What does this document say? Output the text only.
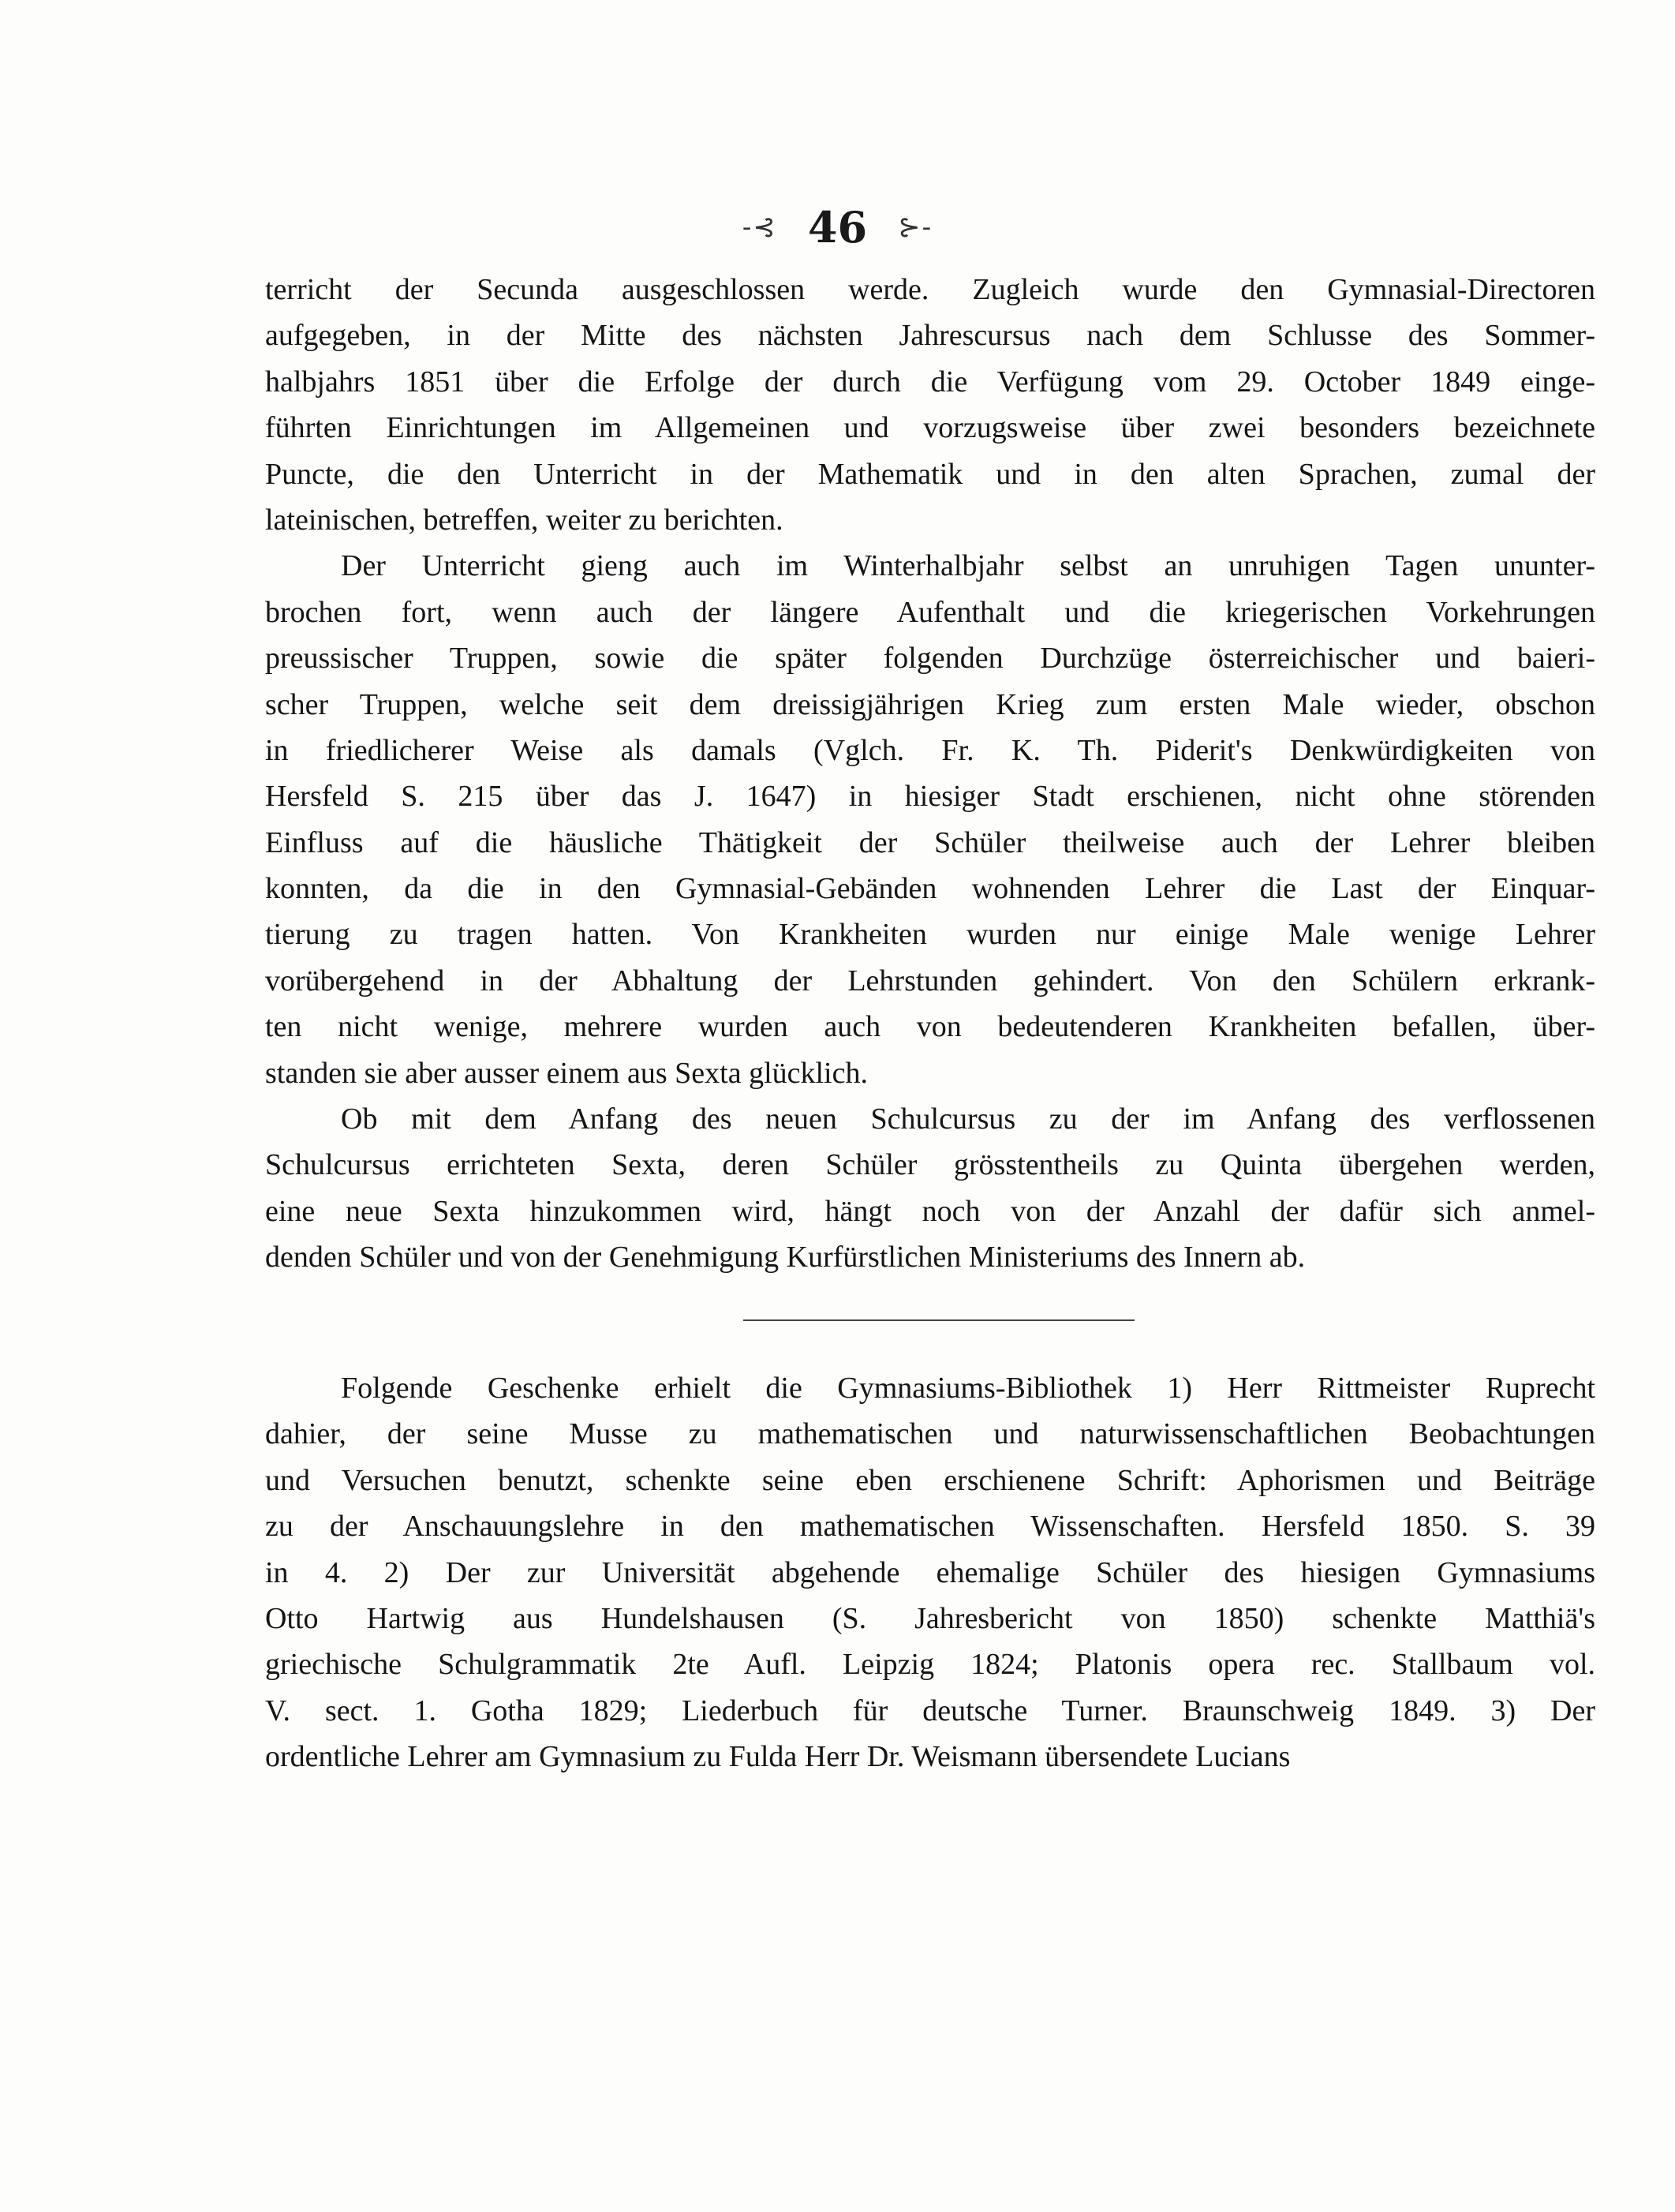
-⊰ 46 ⊱-
terricht der Secunda ausgeschlossen werde. Zugleich wurde den Gymnasial-Directoren
aufgegeben, in der Mitte des nächsten Jahrescursus nach dem Schlusse des Sommer-
halbjahrs 1851 über die Erfolge der durch die Verfügung vom 29. October 1849 einge-
führten Einrichtungen im Allgemeinen und vorzugsweise über zwei besonders bezeichnete
Puncte, die den Unterricht in der Mathematik und in den alten Sprachen, zumal der
lateinischen, betreffen, weiter zu berichten.
Der Unterricht gieng auch im Winterhalbjahr selbst an unruhigen Tagen ununter-
brochen fort, wenn auch der längere Aufenthalt und die kriegerischen Vorkehrungen
preussischer Truppen, sowie die später folgenden Durchzüge österreichischer und baieri-
scher Truppen, welche seit dem dreissigjährigen Krieg zum ersten Male wieder, obschon
in friedlicherer Weise als damals (Vglch. Fr. K. Th. Piderit's Denkwürdigkeiten von
Hersfeld S. 215 über das J. 1647) in hiesiger Stadt erschienen, nicht ohne störenden
Einfluss auf die häusliche Thätigkeit der Schüler theilweise auch der Lehrer bleiben
konnten, da die in den Gymnasial-Gebänden wohnenden Lehrer die Last der Einquar-
tierung zu tragen hatten. Von Krankheiten wurden nur einige Male wenige Lehrer
vorübergehend in der Abhaltung der Lehrstunden gehindert. Von den Schülern erkrank-
ten nicht wenige, mehrere wurden auch von bedeutenderen Krankheiten befallen, über-
standen sie aber ausser einem aus Sexta glücklich.
Ob mit dem Anfang des neuen Schulcursus zu der im Anfang des verflossenen
Schulcursus errichteten Sexta, deren Schüler grösstentheils zu Quinta übergehen werden,
eine neue Sexta hinzukommen wird, hängt noch von der Anzahl der dafür sich anmel-
denden Schüler und von der Genehmigung Kurfürstlichen Ministeriums des Innern ab.
Folgende Geschenke erhielt die Gymnasiums-Bibliothek 1) Herr Rittmeister Ruprecht
dahier, der seine Musse zu mathematischen und naturwissenschaftlichen Beobachtungen
und Versuchen benutzt, schenkte seine eben erschienene Schrift: Aphorismen und Beiträge
zu der Anschauungslehre in den mathematischen Wissenschaften. Hersfeld 1850. S. 39
in 4. 2) Der zur Universität abgehende ehemalige Schüler des hiesigen Gymnasiums
Otto Hartwig aus Hundelshausen (S. Jahresbericht von 1850) schenkte Matthiä's
griechische Schulgrammatik 2te Aufl. Leipzig 1824; Platonis opera rec. Stallbaum vol.
V. sect. 1. Gotha 1829; Liederbuch für deutsche Turner. Braunschweig 1849. 3) Der
ordentliche Lehrer am Gymnasium zu Fulda Herr Dr. Weismann übersendete Lucians
